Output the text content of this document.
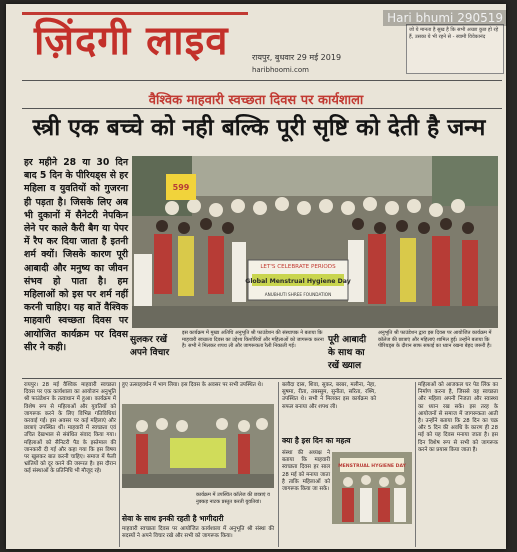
ज़िंदगी लाइव	रायपुर, बुधवार 29 मई 2019
haribhoomi.com
जो ये मानता है सुख है कि सभी अच्छा कुछ हो रहे हैं, उसका ये भी रहने से - स्वामी विवेकानंद
वैश्विक माहवारी स्वच्छता दिवस पर कार्यशाला
स्त्री एक बच्चे को नही बल्कि पूरी सृष्टि को देती है जन्म
हर महीने 28 या 30 दिन बाद 5 दिन के पीरियड्स से हर महिला व युवतियों को गुजरना ही पड़ता है। जिसके लिए अब भी दुकानों में सैनेटरी नेपकिन लेने पर काले कैरी बैग या पेपर में रैप कर दिया जाता है इतनी शर्म क्यों। जिसके कारण पूरी आबादी और मनुष्य का जीवन संभव हो पाता है। हम महिलाओं को इस पर शर्म नहीं करनी चाहिए। यह बातें वैश्विक माहवारी स्वच्छता दिवस पर आयोजित कार्यक्रम पर दिवस सीर ने कही।
LET'S CELEBRATE PERIODS
Global Menstrual Hygiene Day
ANUBHUTI SHREE FOUNDATION
599
सुलकर रखें अपने विचार
इस कार्यक्रम में मुख्य अतिथि अनुभूति श्री फाउंडेशन की संस्थापक ने बताया कि माहवारी स्वच्छता दिवस का उद्देश्य किशोरियों और महिलाओं को जागरूक करना है। सभी ने मिलकर शपथ ली और जागरूकता रैली निकाली गई।
पूरी आबादी के साथ का रखें ख्याल
अनुभूति श्री फाउंडेशन द्वारा इस दिवस पर आयोजित कार्यक्रम में कॉलेज की छात्राएं और महिलाएं शामिल हुईं। उन्होंने बताया कि पीरियड्स के दौरान साफ सफाई का ध्यान रखना बेहद जरूरी है।
रायपुर। 28 मई वैश्विक माहवारी स्वच्छता दिवस पर एक कार्यशाला का आयोजन अनुभूति श्री फाउंडेशन के तत्वाधान में हुआ। कार्यक्रम में विशेष रूप से महिलाओं और युवतियों को जागरूक करने के लिए विभिन्न गतिविधियां करवाई गईं। इस अवसर पर कई महिलाएं और छात्राएं उपस्थित थीं। माहवारी में स्वच्छता एवं उचित देखभाल से संबंधित संवाद किया गया। महिलाओं को सैनिटरी पैड के इस्तेमाल की जानकारी दी गई और कहा गया कि इस विषय पर खुलकर बात करनी चाहिए। समाज में फैली भ्रांतियों को दूर करने की जरूरत है। इस दौरान कई संस्थाओं के प्रतिनिधि भी मौजूद रहे।
हुए उत्साहवर्धन में भाग लिया। इस दिवस के अवसर पर सभी उपस्थित थे।
कार्यक्रम में उपस्थित कॉलेज की छात्राएं व नुक्कड़ नाटक प्रस्तुत करती युवतियां।
सेवा के साथ इनकी रहती है भागीदारी
माहवारी स्वच्छता दिवस पर आयोजित कार्यशाला में अनुभूति श्री संस्था की सदस्यों ने अपने विचार रखे और सभी को जागरूक किया।
बलौदा दास, शिवा, सुकर, बरबर, मलीना, नेहा, सुषमा, रीता, तबस्सुम, सुनीता, सरिता, रश्मि, उपस्थित थे। सभी ने मिलकर इस कार्यक्रम को सफल बनाया और शपथ ली।
क्या है इस दिन का महत्व
संस्था की अध्यक्ष ने बताया कि माहवारी स्वच्छता दिवस हर साल 28 मई को मनाया जाता है ताकि महिलाओं को जागरूक किया जा सके।
MENSTRUAL HYGIENE DAY
महिलाओं को आजकल घर पेड लिंक का निर्माण करना है, जिससे वह स्वच्छता और महिला अपनी निजता और स्वास्थ्य का ध्यान रख सके। इस तरह के आयोजनों से समाज में जागरूकता आती है। उन्होंने बताया कि 28 दिन का चक्र और 5 दिन की अवधि के कारण ही 28 मई को यह दिवस मनाया जाता है। इस दिन विशेष रूप से सभी को जागरूक करने का प्रयास किया जाता है।
Hari bhumi 290519
